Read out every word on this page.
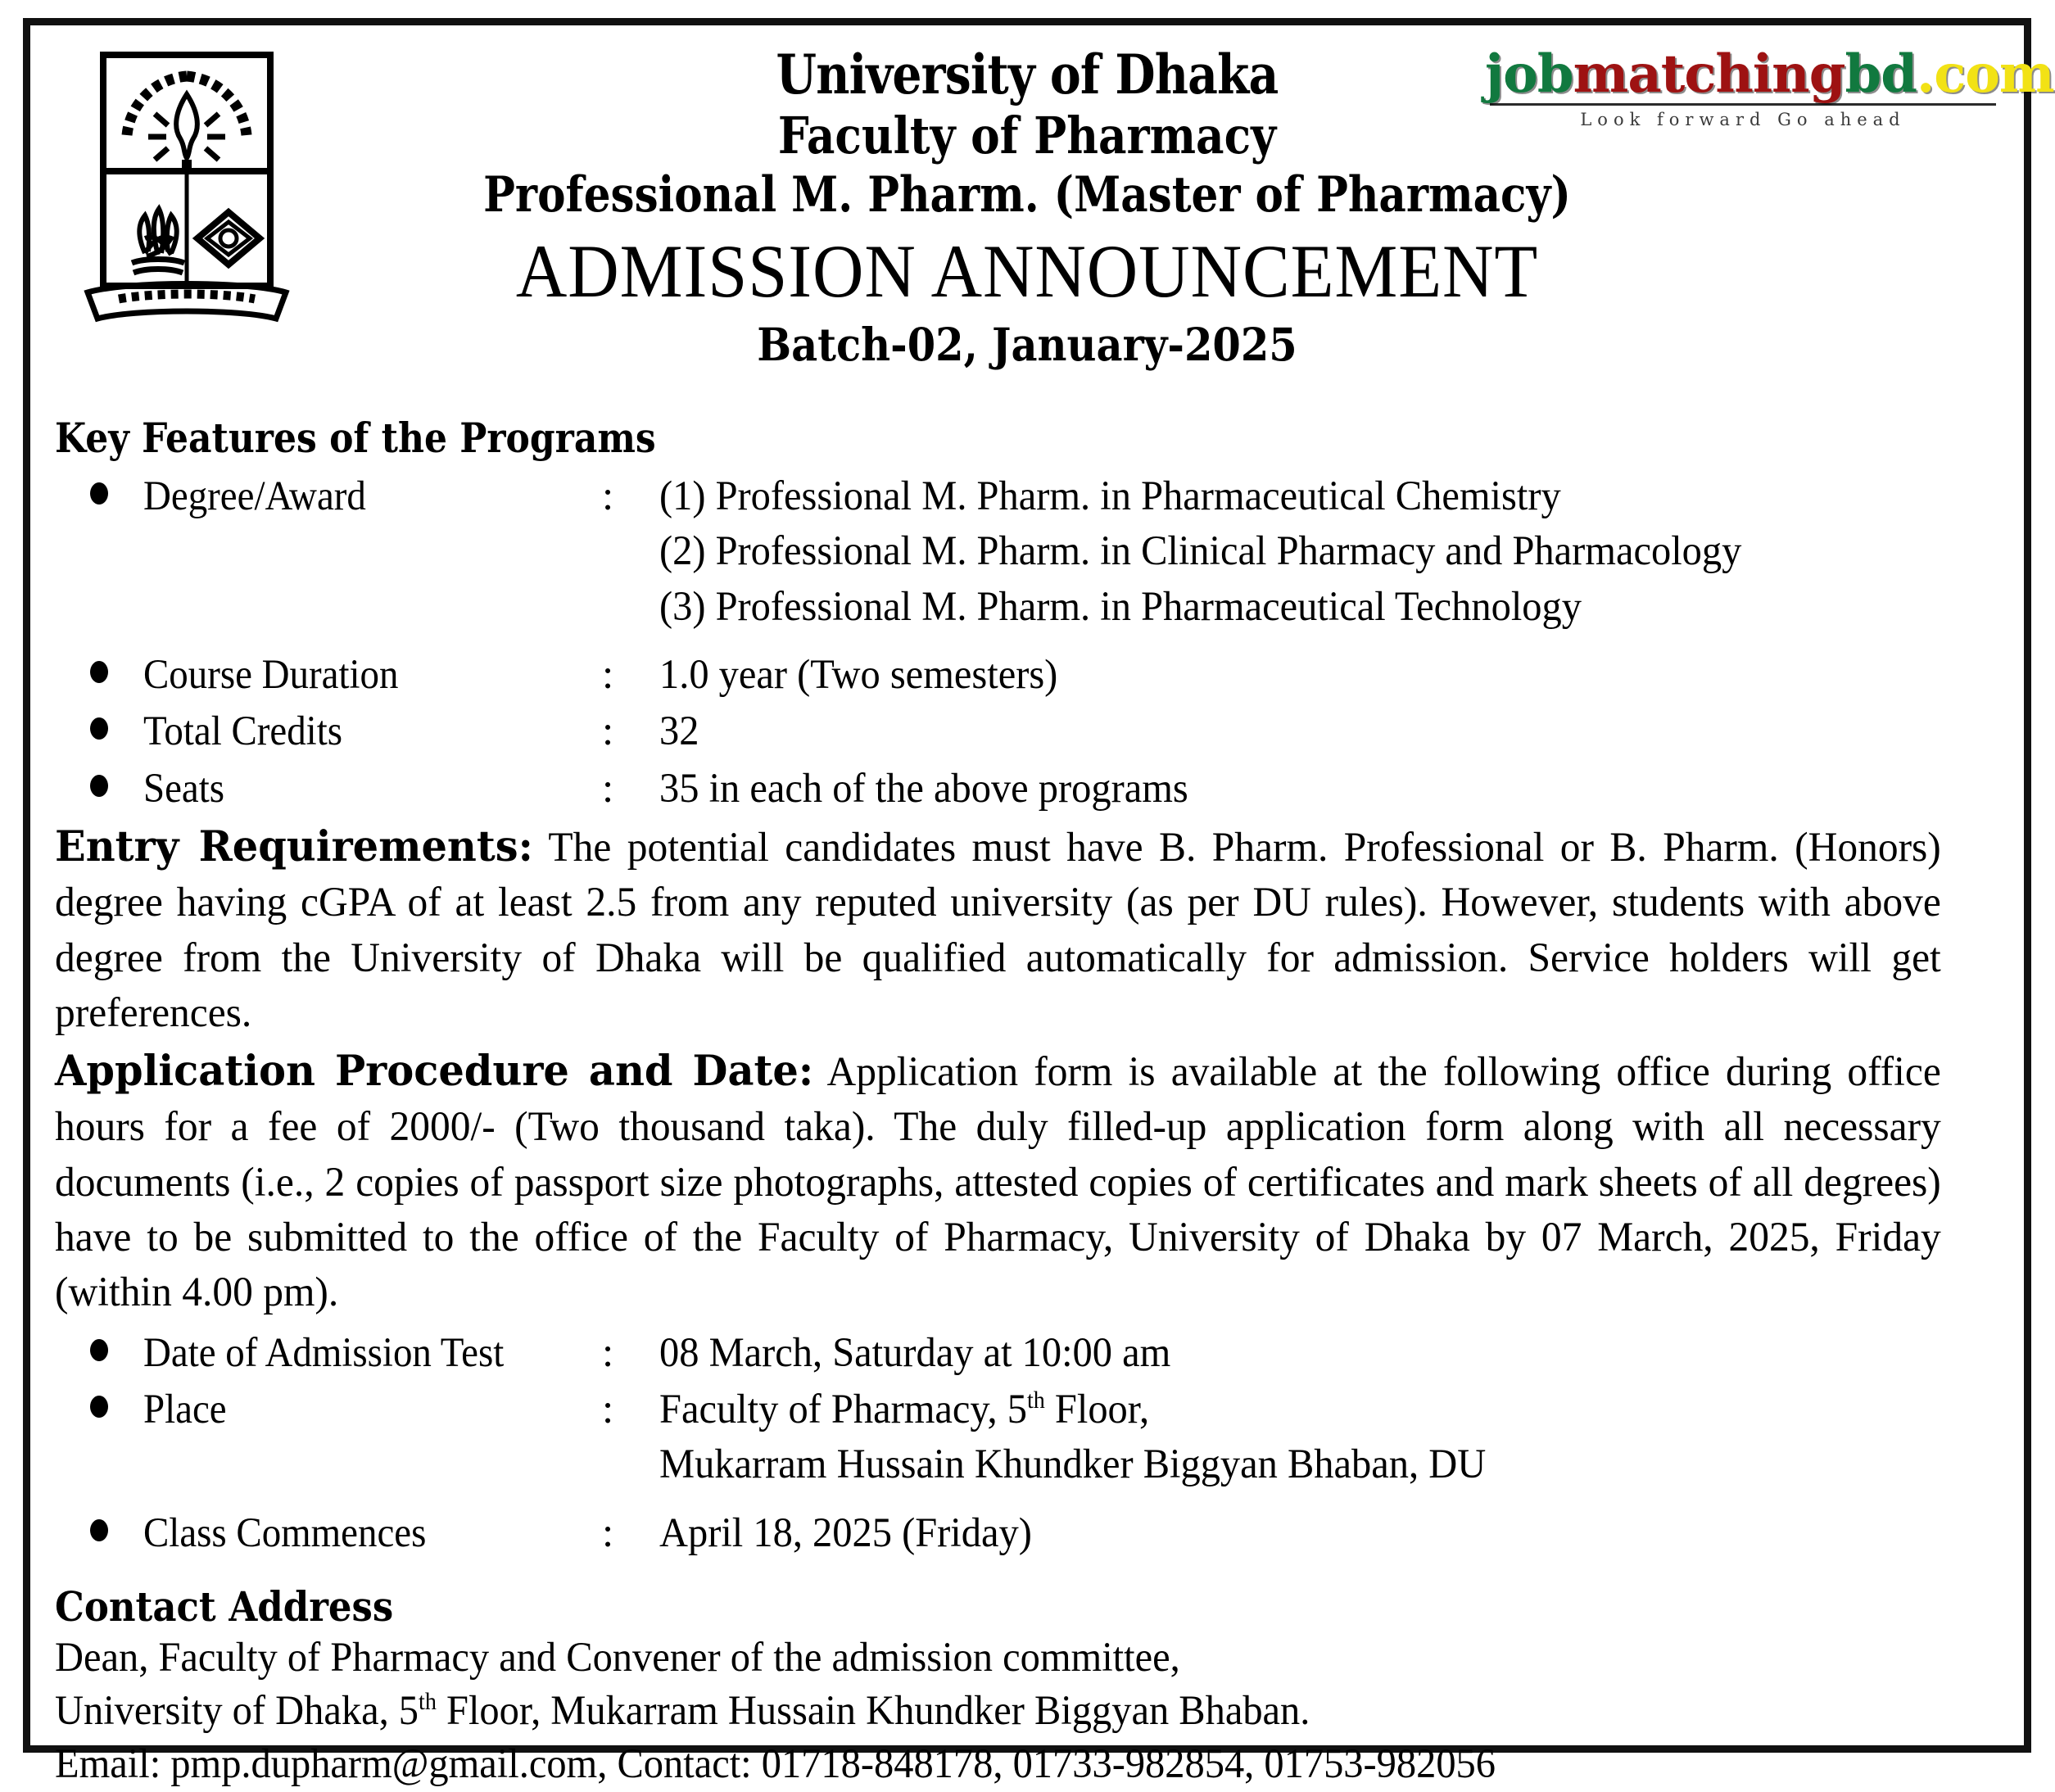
jobmatchingbd.com
Look forward Go ahead
University of Dhaka
Faculty of Pharmacy
Professional M. Pharm. (Master of Pharmacy)
ADMISSION ANNOUNCEMENT
Batch-02, January-2025
Key Features of the Programs
Degree/Award	:	(1) Professional M. Pharm. in Pharmaceutical Chemistry
(2) Professional M. Pharm. in Clinical Pharmacy and Pharmacology
(3) Professional M. Pharm. in Pharmaceutical Technology
Course Duration	:	1.0 year (Two semesters)
Total Credits	:	32
Seats	:	35 in each of the above programs

Entry Requirements: The potential candidates must have B. Pharm. Professional or B. Pharm. (Honors) degree having cGPA of at least 2.5 from any reputed university (as per DU rules). However, students with above degree from the University of Dhaka will be qualified automatically for admission. Service holders will get preferences.

Application Procedure and Date: Application form is available at the following office during office hours for a fee of 2000/- (Two thousand taka). The duly filled-up application form along with all necessary documents (i.e., 2 copies of passport size photographs, attested copies of certificates and mark sheets of all degrees) have to be submitted to the office of the Faculty of Pharmacy, University of Dhaka by 07 March, 2025, Friday (within 4.00 pm).

Date of Admission Test	:	08 March, Saturday at 10:00 am
Place	:	Faculty of Pharmacy, 5th Floor,
Mukarram Hussain Khundker Biggyan Bhaban, DU
Class Commences	:	April 18, 2025 (Friday)
Contact Address
Dean, Faculty of Pharmacy and Convener of the admission committee,
University of Dhaka, 5th Floor, Mukarram Hussain Khundker Biggyan Bhaban.
Email: pmp.dupharm@gmail.com, Contact: 01718-848178, 01733-982854, 01753-982056
